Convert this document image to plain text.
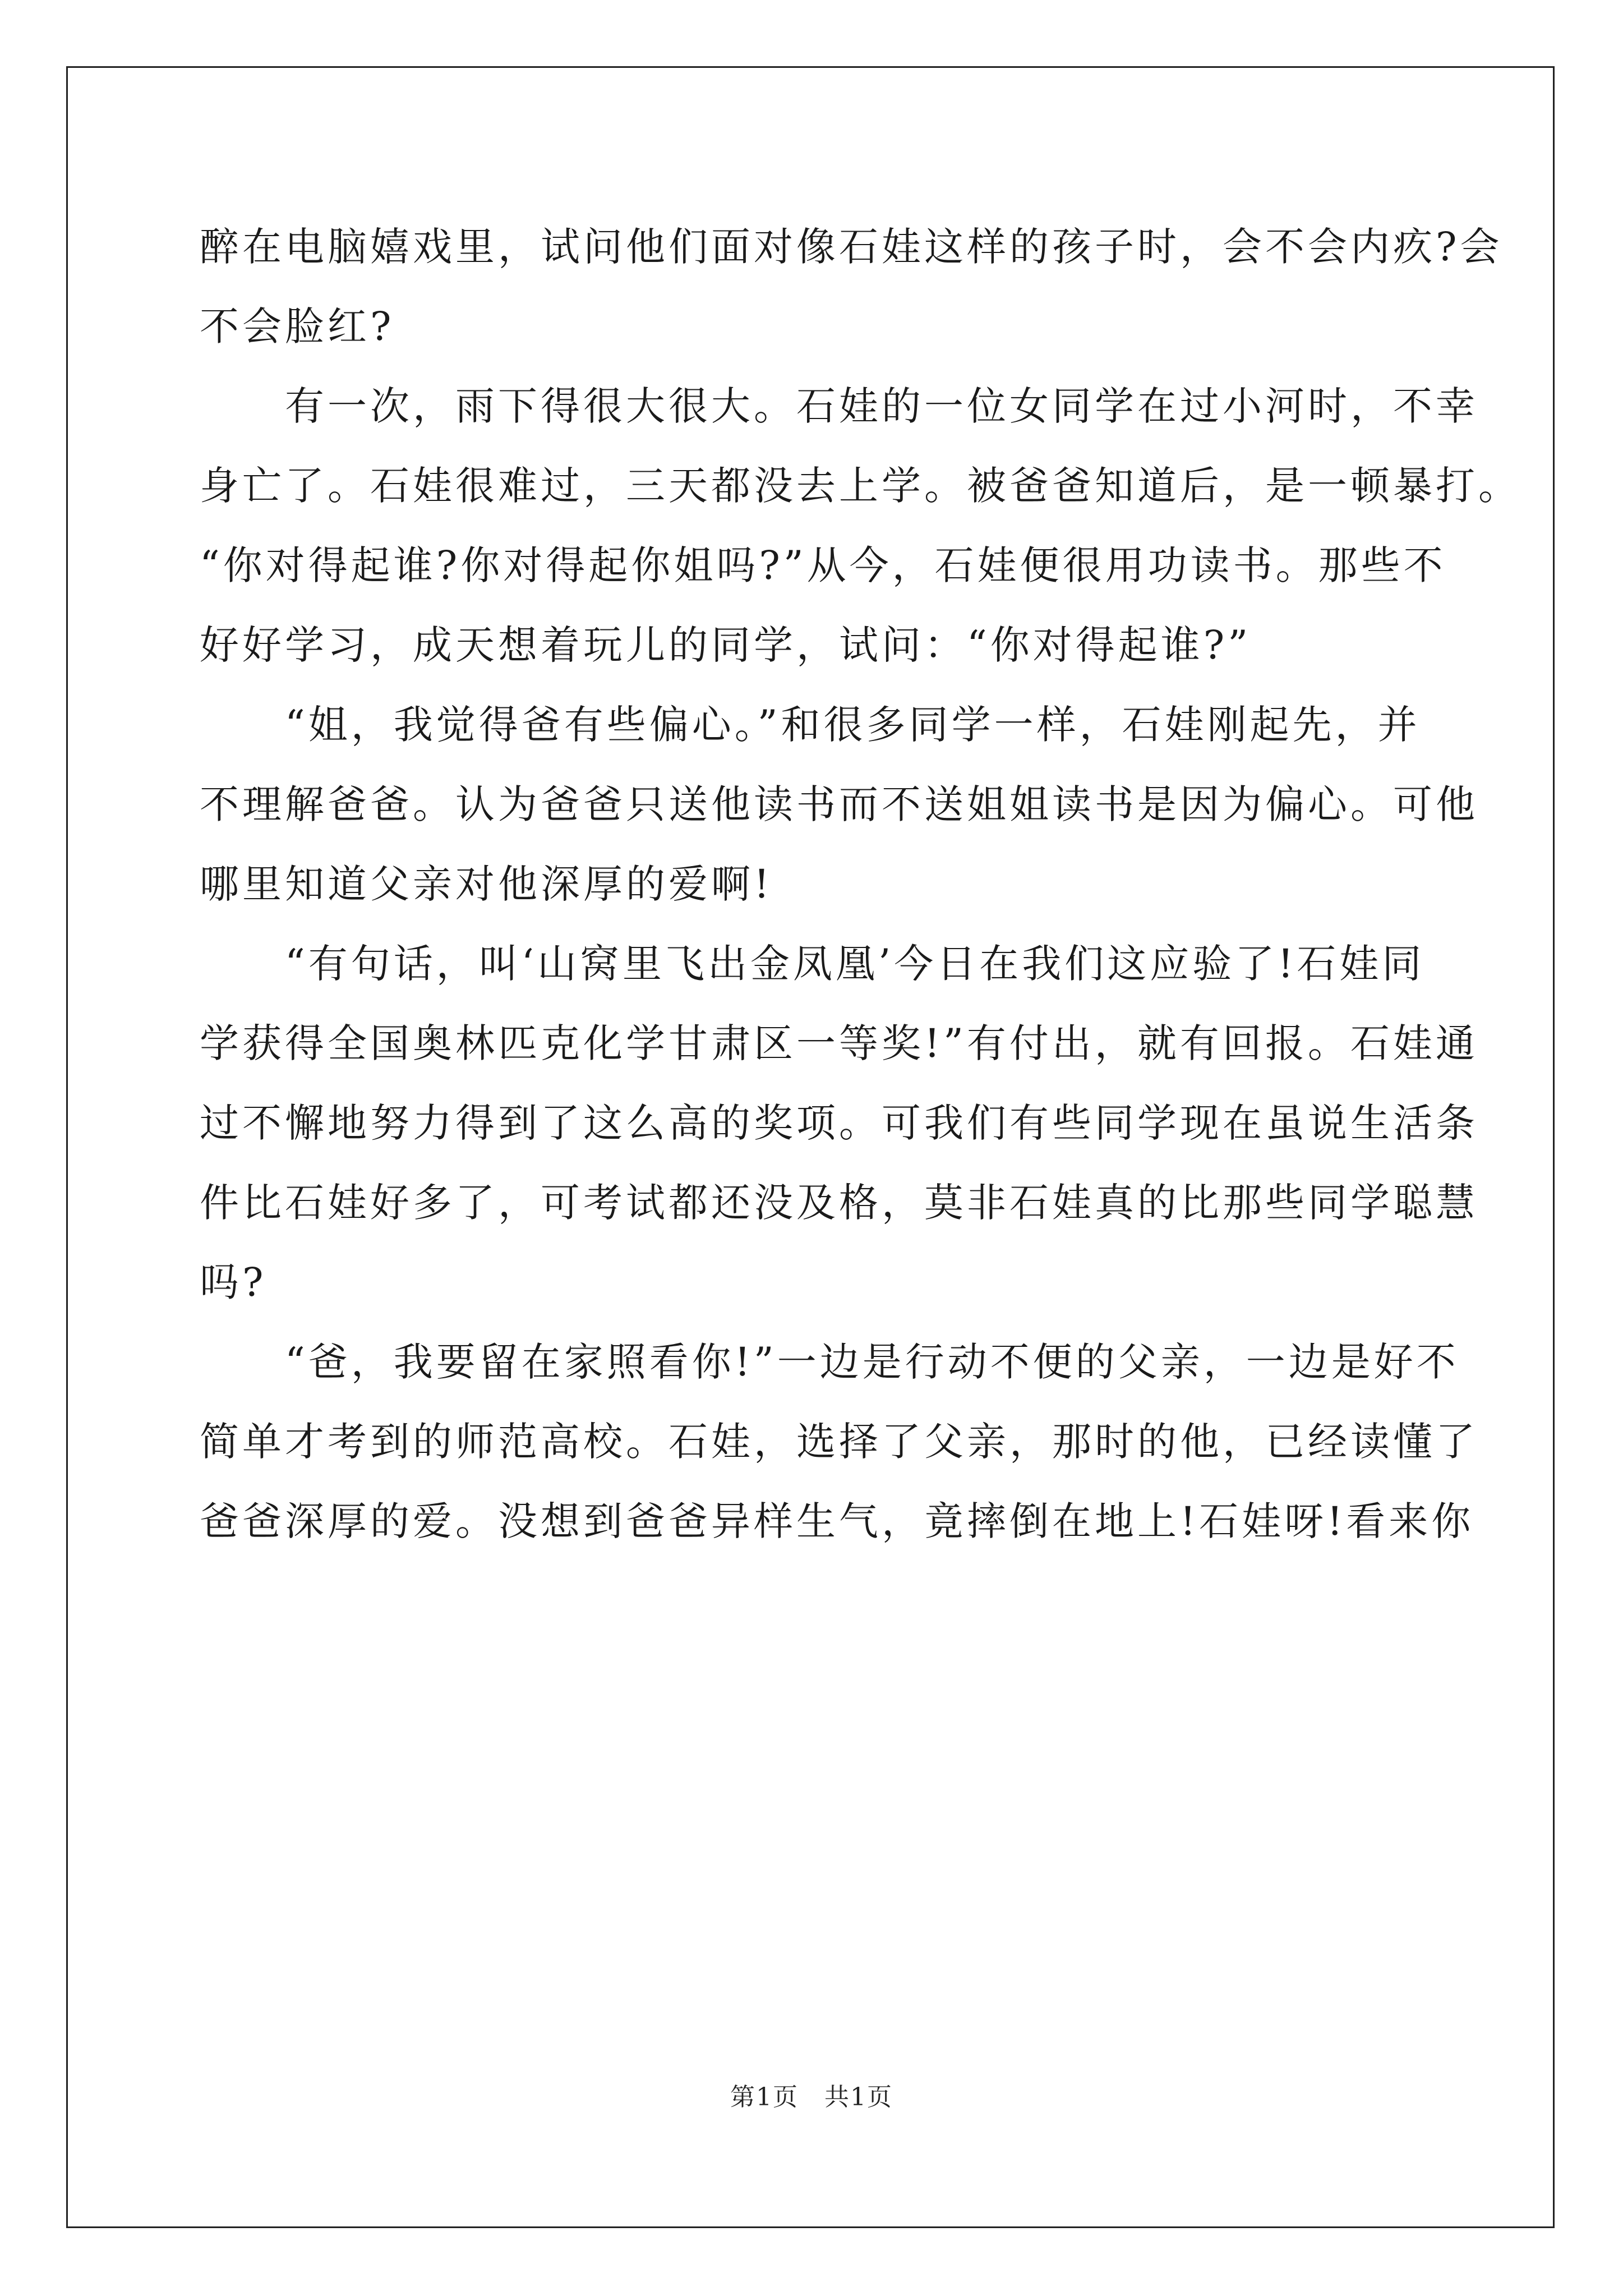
醉在电脑嬉戏里，试问他们面对像石娃这样的孩子时，会不会内疚?会
不会脸红?
　　有一次，雨下得很大很大。石娃的一位女同学在过小河时，不幸
身亡了。石娃很难过，三天都没去上学。被爸爸知道后，是一顿暴打。
“你对得起谁?你对得起你姐吗?”从今，石娃便很用功读书。那些不
好好学习，成天想着玩儿的同学，试问：“你对得起谁?”
　　“姐，我觉得爸有些偏心。”和很多同学一样，石娃刚起先，并
不理解爸爸。认为爸爸只送他读书而不送姐姐读书是因为偏心。可他
哪里知道父亲对他深厚的爱啊!
　　“有句话，叫‘山窝里飞出金凤凰’今日在我们这应验了!石娃同
学获得全国奥林匹克化学甘肃区一等奖!”有付出，就有回报。石娃通
过不懈地努力得到了这么高的奖项。可我们有些同学现在虽说生活条
件比石娃好多了，可考试都还没及格，莫非石娃真的比那些同学聪慧
吗?
　　“爸，我要留在家照看你!”一边是行动不便的父亲，一边是好不
简单才考到的师范高校。石娃，选择了父亲，那时的他，已经读懂了
爸爸深厚的爱。没想到爸爸异样生气，竟摔倒在地上!石娃呀!看来你
第1页　共1页
